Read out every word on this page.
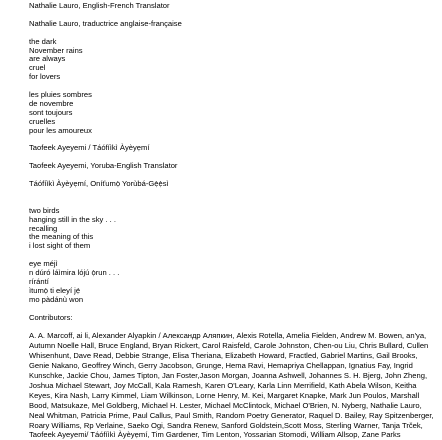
Nathalie Lauro, English-French Translator
Nathalie Lauro, traductrice anglaise-française
the dark
November rains
are always
cruel
for lovers
les pluies sombres
de novembre
sont toujours
cruelles
pour les amoureux
Taofeek Ayeyemi / Táófíìkì Àyèyẹmí
Taofeek Ayeyemi, Yoruba-English Translator
Táófíìkì Àyèyẹmí, Oníťumọ̀ Yorùbá-Gẹ̀ẹ̀sì
two birds
hanging still in the sky . . .
recalling
the meaning of this
i lost sight of them
eye méjì
n dúró láìmira lójú ọ̀run . . .
rírántí
ìtumọ̀ ti eleyí jẹ́
mo pàdánù won
Contributors:
A. A. Marcoff, ai li, Alexander Alyapkin / Александр Аляпкин, Alexis Rotella, Amelia Fielden, Andrew M. Bowen, an'ya, Autumn Noelle Hall, Bruce England, Bryan Rickert, Carol Raisfeld, Carole Johnston, Chen-ou Liu, Chris Bullard, Cullen Whisenhunt, Dave Read, Debbie Strange, Elisa Theriana, Elizabeth Howard, Fractled, Gabriel Martins, Gail Brooks, Genie Nakano, Geoffrey Winch, Gerry Jacobson, Grunge, Hema Ravi, Hemapriya Chellappan, Ignatius Fay, Ingrid Kunschke, Jackie Chou, James Tipton, Jan Foster,Jason Morgan, Joanna Ashwell, Johannes S. H. Bjerg, John Zheng, Joshua Michael Stewart, Joy McCall, Kala Ramesh, Karen O'Leary, Karla Linn Merrifield, Kath Abela Wilson, Keitha Keyes, Kira Nash, Larry Kimmel, Liam Wilkinson, Lorne Henry, M. Kei, Margaret Knapke, Mark Jun Poulos, Marshall Bood, Matsukaze, Mel Goldberg, Michael H. Lester, Michael McClintock, Michael O'Brien, N. Nyberg, Nathalie Lauro, Neal Whitman, Patricia Prime, Paul Callus, Paul Smith, Random Poetry Generator, Raquel D. Bailey, Ray Spitzenberger, Roary Williams, Rp Verlaine, Saeko Ogi, Sandra Renew, Sanford Goldstein,Scott Moss, Sterling Warner, Tanja Trček, Taofeek Ayeyemi/ Táófíìkì Àyèyẹmí, Tim Gardener, Tim Lenton, Yossarian Stomodi, William Allsop, Zane Parks
